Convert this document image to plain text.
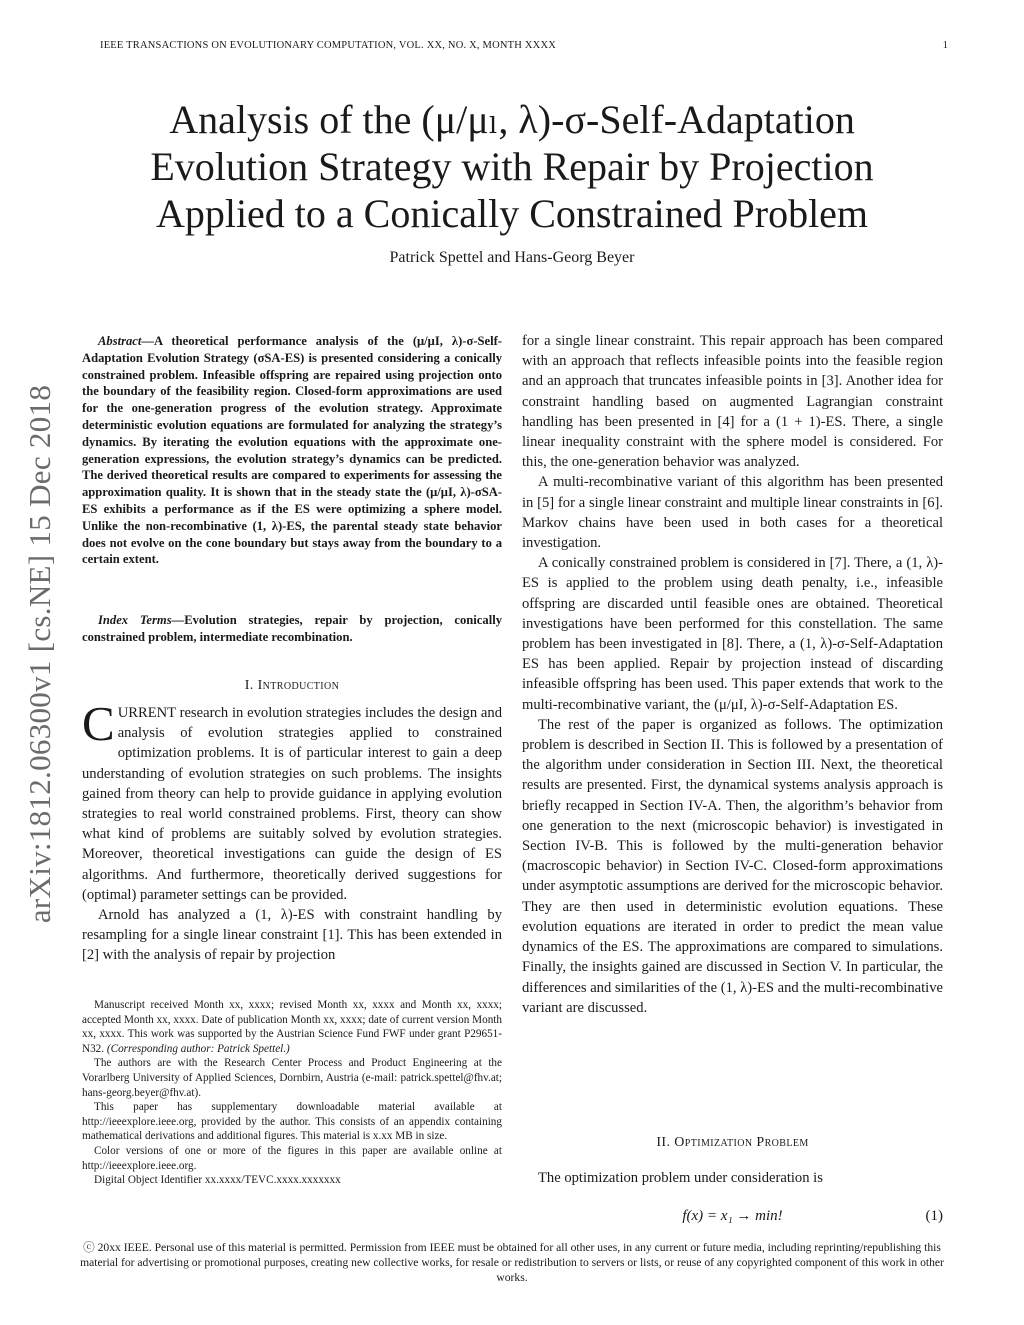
IEEE TRANSACTIONS ON EVOLUTIONARY COMPUTATION, VOL. XX, NO. X, MONTH XXXX	1
Analysis of the (μ/μₗ, λ)-σ-Self-Adaptation
Evolution Strategy with Repair by Projection
Applied to a Conically Constrained Problem
Patrick Spettel and Hans-Georg Beyer
arXiv:1812.06300v1 [cs.NE] 15 Dec 2018

Abstract—A theoretical performance analysis of the (μ/μI, λ)-σ-Self-Adaptation Evolution Strategy (σSA-ES) is presented considering a conically constrained problem. Infeasible offspring are repaired using projection onto the boundary of the feasibility region. Closed-form approximations are used for the one-generation progress of the evolution strategy. Approximate deterministic evolution equations are formulated for analyzing the strategy’s dynamics. By iterating the evolution equations with the approximate one-generation expressions, the evolution strategy’s dynamics can be predicted. The derived theoretical results are compared to experiments for assessing the approximation quality. It is shown that in the steady state the (μ/μI, λ)-σSA-ES exhibits a performance as if the ES were optimizing a sphere model. Unlike the non-recombinative (1, λ)-ES, the parental steady state behavior does not evolve on the cone boundary but stays away from the boundary to a certain extent.

Index Terms—Evolution strategies, repair by projection, conically constrained problem, intermediate recombination.

I. Introduction

CURRENT research in evolution strategies includes the design and analysis of evolution strategies applied to constrained optimization problems. It is of particular interest to gain a deep understanding of evolution strategies on such problems. The insights gained from theory can help to provide guidance in applying evolution strategies to real world constrained problems. First, theory can show what kind of problems are suitably solved by evolution strategies. Moreover, theoretical investigations can guide the design of ES algorithms. And furthermore, theoretically derived suggestions for (optimal) parameter settings can be provided.

Arnold has analyzed a (1, λ)-ES with constraint handling by resampling for a single linear constraint [1]. This has been extended in [2] with the analysis of repair by projection

Manuscript received Month xx, xxxx; revised Month xx, xxxx and Month xx, xxxx; accepted Month xx, xxxx. Date of publication Month xx, xxxx; date of current version Month xx, xxxx. This work was supported by the Austrian Science Fund FWF under grant P29651-N32. (Corresponding author: Patrick Spettel.)

The authors are with the Research Center Process and Product Engineering at the Vorarlberg University of Applied Sciences, Dornbirn, Austria (e-mail: patrick.spettel@fhv.at; hans-georg.beyer@fhv.at).

This paper has supplementary downloadable material available at http://ieeexplore.ieee.org, provided by the author. This consists of an appendix containing mathematical derivations and additional figures. This material is x.xx MB in size.

Color versions of one or more of the figures in this paper are available online at http://ieeexplore.ieee.org.

Digital Object Identifier xx.xxxx/TEVC.xxxx.xxxxxxx

for a single linear constraint. This repair approach has been compared with an approach that reflects infeasible points into the feasible region and an approach that truncates infeasible points in [3]. Another idea for constraint handling based on augmented Lagrangian constraint handling has been presented in [4] for a (1 + 1)-ES. There, a single linear inequality constraint with the sphere model is considered. For this, the one-generation behavior was analyzed.

A multi-recombinative variant of this algorithm has been presented in [5] for a single linear constraint and multiple linear constraints in [6]. Markov chains have been used in both cases for a theoretical investigation.

A conically constrained problem is considered in [7]. There, a (1, λ)-ES is applied to the problem using death penalty, i.e., infeasible offspring are discarded until feasible ones are obtained. Theoretical investigations have been performed for this constellation. The same problem has been investigated in [8]. There, a (1, λ)-σ-Self-Adaptation ES has been applied. Repair by projection instead of discarding infeasible offspring has been used. This paper extends that work to the multi-recombinative variant, the (μ/μI, λ)-σ-Self-Adaptation ES.

The rest of the paper is organized as follows. The optimization problem is described in Section II. This is followed by a presentation of the algorithm under consideration in Section III. Next, the theoretical results are presented. First, the dynamical systems analysis approach is briefly recapped in Section IV-A. Then, the algorithm’s behavior from one generation to the next (microscopic behavior) is investigated in Section IV-B. This is followed by the multi-generation behavior (macroscopic behavior) in Section IV-C. Closed-form approximations under asymptotic assumptions are derived for the microscopic behavior. They are then used in deterministic evolution equations. These evolution equations are iterated in order to predict the mean value dynamics of the ES. The approximations are compared to simulations. Finally, the insights gained are discussed in Section V. In particular, the differences and similarities of the (1, λ)-ES and the multi-recombinative variant are discussed.

II. Optimization Problem

The optimization problem under consideration is

f(x) = x₁ → min!	(1)
ⓒ 20xx IEEE. Personal use of this material is permitted. Permission from IEEE must be obtained for all other uses, in any current or future media, including reprinting/republishing this material for advertising or promotional purposes, creating new collective works, for resale or redistribution to servers or lists, or reuse of any copyrighted component of this work in other works.
